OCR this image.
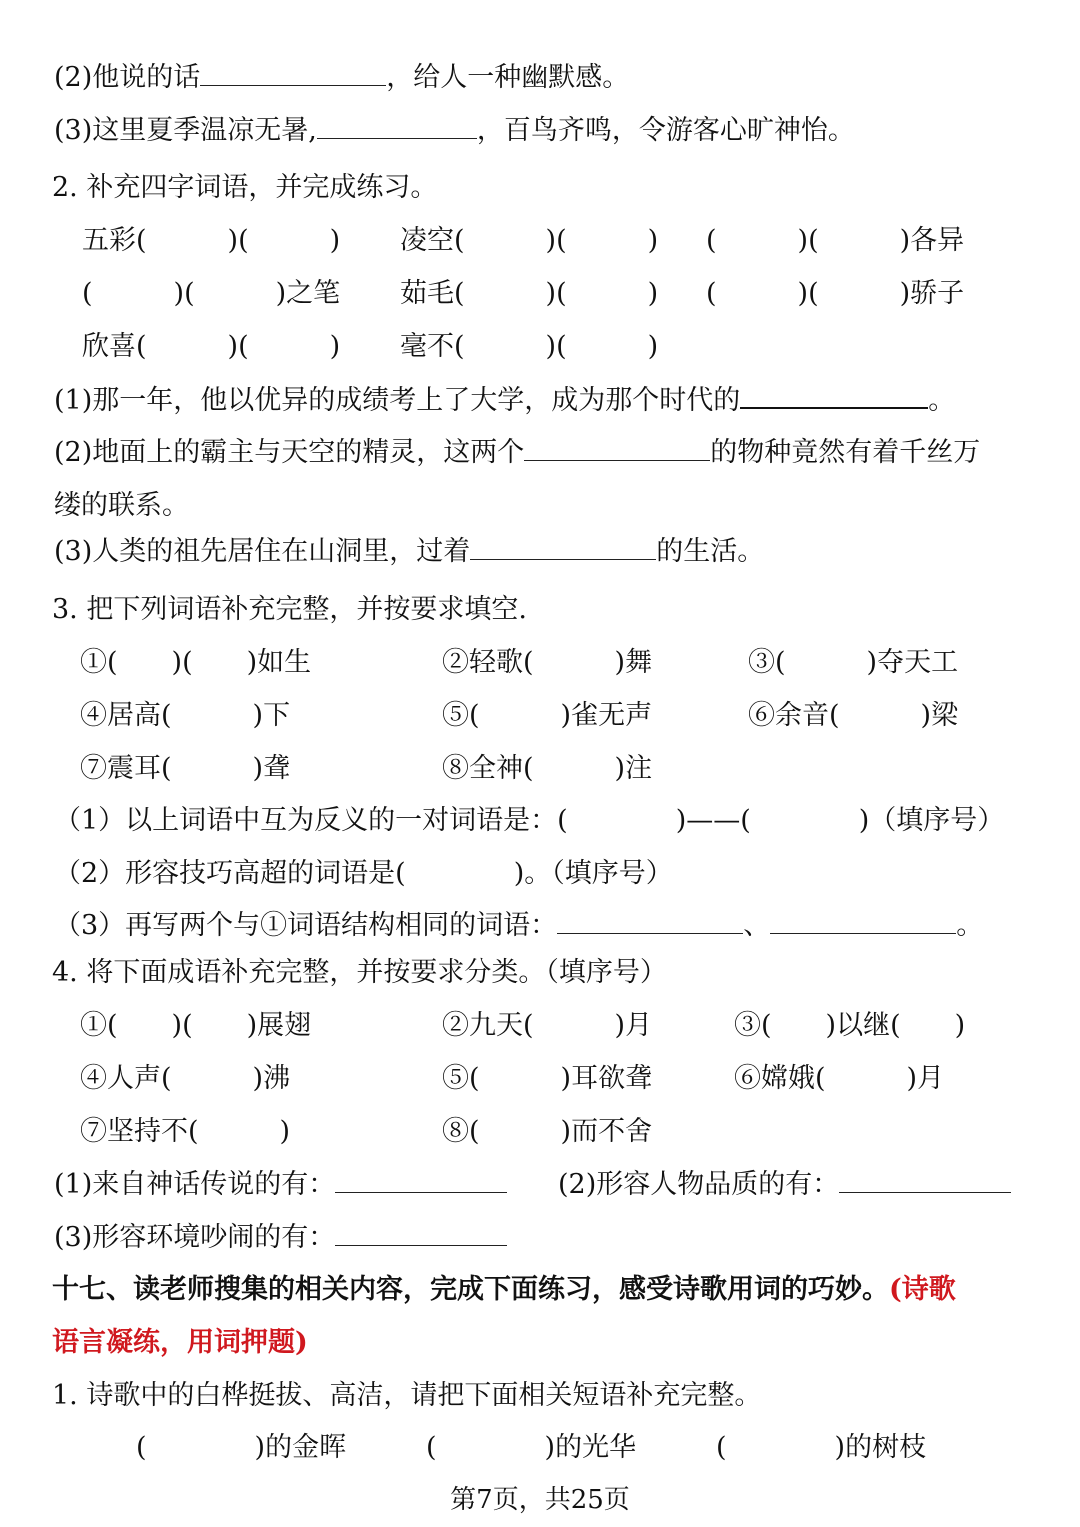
(2)他说的话	，给人一种幽默感。
(3)这里夏季温凉无暑,	，百鸟齐鸣，令游客心旷神怡。
2. 补充四字词语，并完成练习。
五彩(　　　)(　　　) 凌空(　　　)(　　　) (　　　)(　　　)各异
(　　　)(　　　)之笔 茹毛(　　　)(　　　) (　　　)(　　　)骄子
欣喜(　　　)(　　　) 毫不(　　　)(　　　)
(1)那一年，他以优异的成绩考上了大学，成为那个时代的	。
(2)地面上的霸主与天空的精灵，这两个	的物种竟然有着千丝万
缕的联系。
(3)人类的祖先居住在山洞里，过着	的生活。
3. 把下列词语补充完整，并按要求填空.
①(　　)(　　)如生	②轻歌(　　　)舞	③(　　　)夺天工
④居高(　　　)下	⑤(　　　)雀无声	⑥余音(　　　)梁
⑦震耳(　　　)聋	⑧全神(　　　)注
（1）以上词语中互为反义的一对词语是：(　　　　)——(　　　　)（填序号）
（2）形容技巧高超的词语是(　　　　)。（填序号）
（3）再写两个与①词语结构相同的词语：	、	。
4. 将下面成语补充完整，并按要求分类。（填序号）
①(　　)(　　)展翅	②九天(　　　)月	③(　　)以继(　　)
④人声(　　　)沸	⑤(　　　)耳欲聋	⑥嫦娥(　　　)月
⑦坚持不(　　　)	⑧(　　　)而不舍
(1)来自神话传说的有：	(2)形容人物品质的有：
(3)形容环境吵闹的有：
十七、读老师搜集的相关内容，完成下面练习，感受诗歌用词的巧妙。(诗歌
语言凝练，用词押题)
1. 诗歌中的白桦挺拔、高洁，请把下面相关短语补充完整。
(　　　　)的金晖	(　　　　)的光华	(　　　　)的树枝
第7页，共25页
